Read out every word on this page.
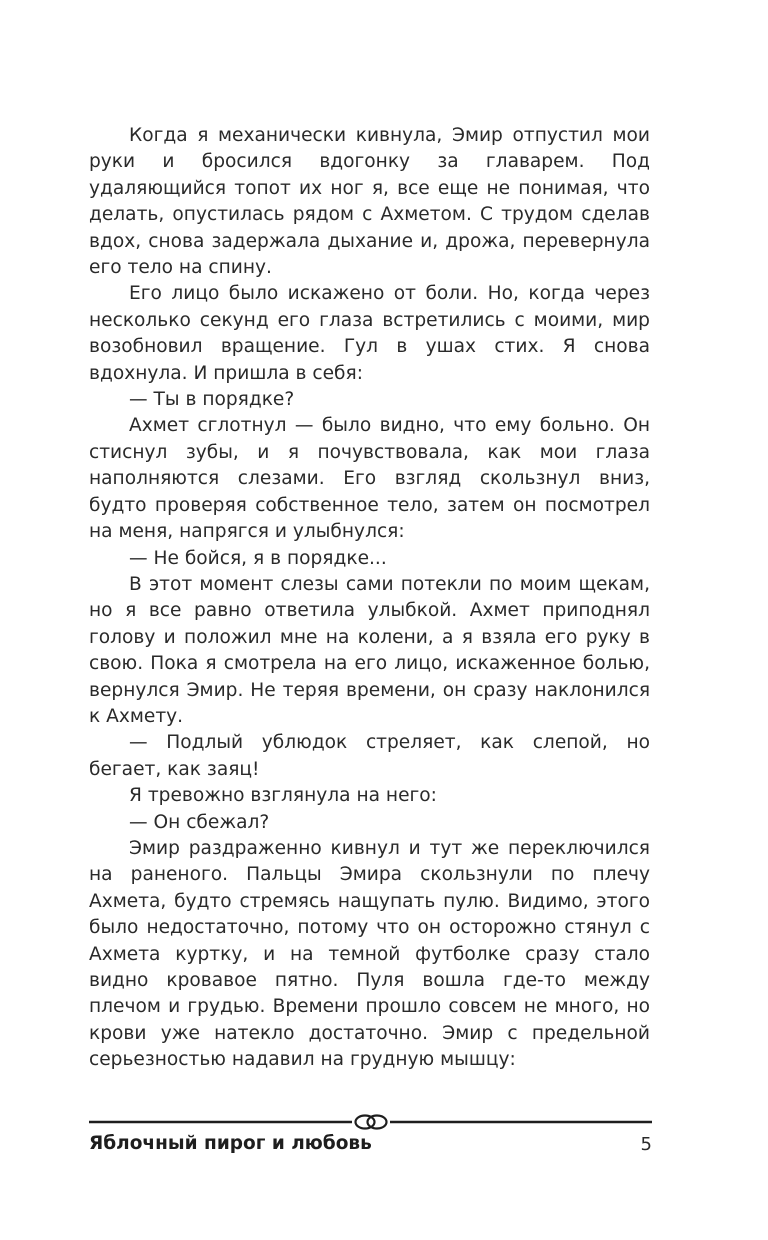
Когда я механически кивнула, Эмир отпустил мои руки и бросился вдогонку за главарем. Под удаляющийся топот их ног я, все еще не понимая, что делать, опустилась рядом с Ахметом. С трудом сделав вдох, снова задержала дыхание и, дрожа, перевернула его тело на спину.

Его лицо было искажено от боли. Но, когда через несколько секунд его глаза встретились с моими, мир возобновил вращение. Гул в ушах стих. Я снова вдохнула. И пришла в себя:

— Ты в порядке?

Ахмет сглотнул — было видно, что ему больно. Он стиснул зубы, и я почувствовала, как мои глаза наполняются слезами. Его взгляд скользнул вниз, будто проверяя собственное тело, затем он посмотрел на меня, напрягся и улыбнулся:

— Не бойся, я в порядке...

В этот момент слезы сами потекли по моим щекам, но я все равно ответила улыбкой. Ахмет приподнял голову и положил мне на колени, а я взяла его руку в свою. Пока я смотрела на его лицо, искаженное болью, вернулся Эмир. Не теряя времени, он сразу наклонился к Ахмету.

— Подлый ублюдок стреляет, как слепой, но бегает, как заяц!

Я тревожно взглянула на него:

— Он сбежал?

Эмир раздраженно кивнул и тут же переключился на раненого. Пальцы Эмира скользнули по плечу Ахмета, будто стремясь нащупать пулю. Видимо, этого было недостаточно, потому что он осторожно стянул с Ахмета куртку, и на темной футболке сразу стало видно кровавое пятно. Пуля вошла где-то между плечом и грудью. Времени прошло совсем не много, но крови уже натекло достаточно. Эмир с предельной серьезностью надавил на грудную мышцу:

Яблочный пирог и любовь	5
